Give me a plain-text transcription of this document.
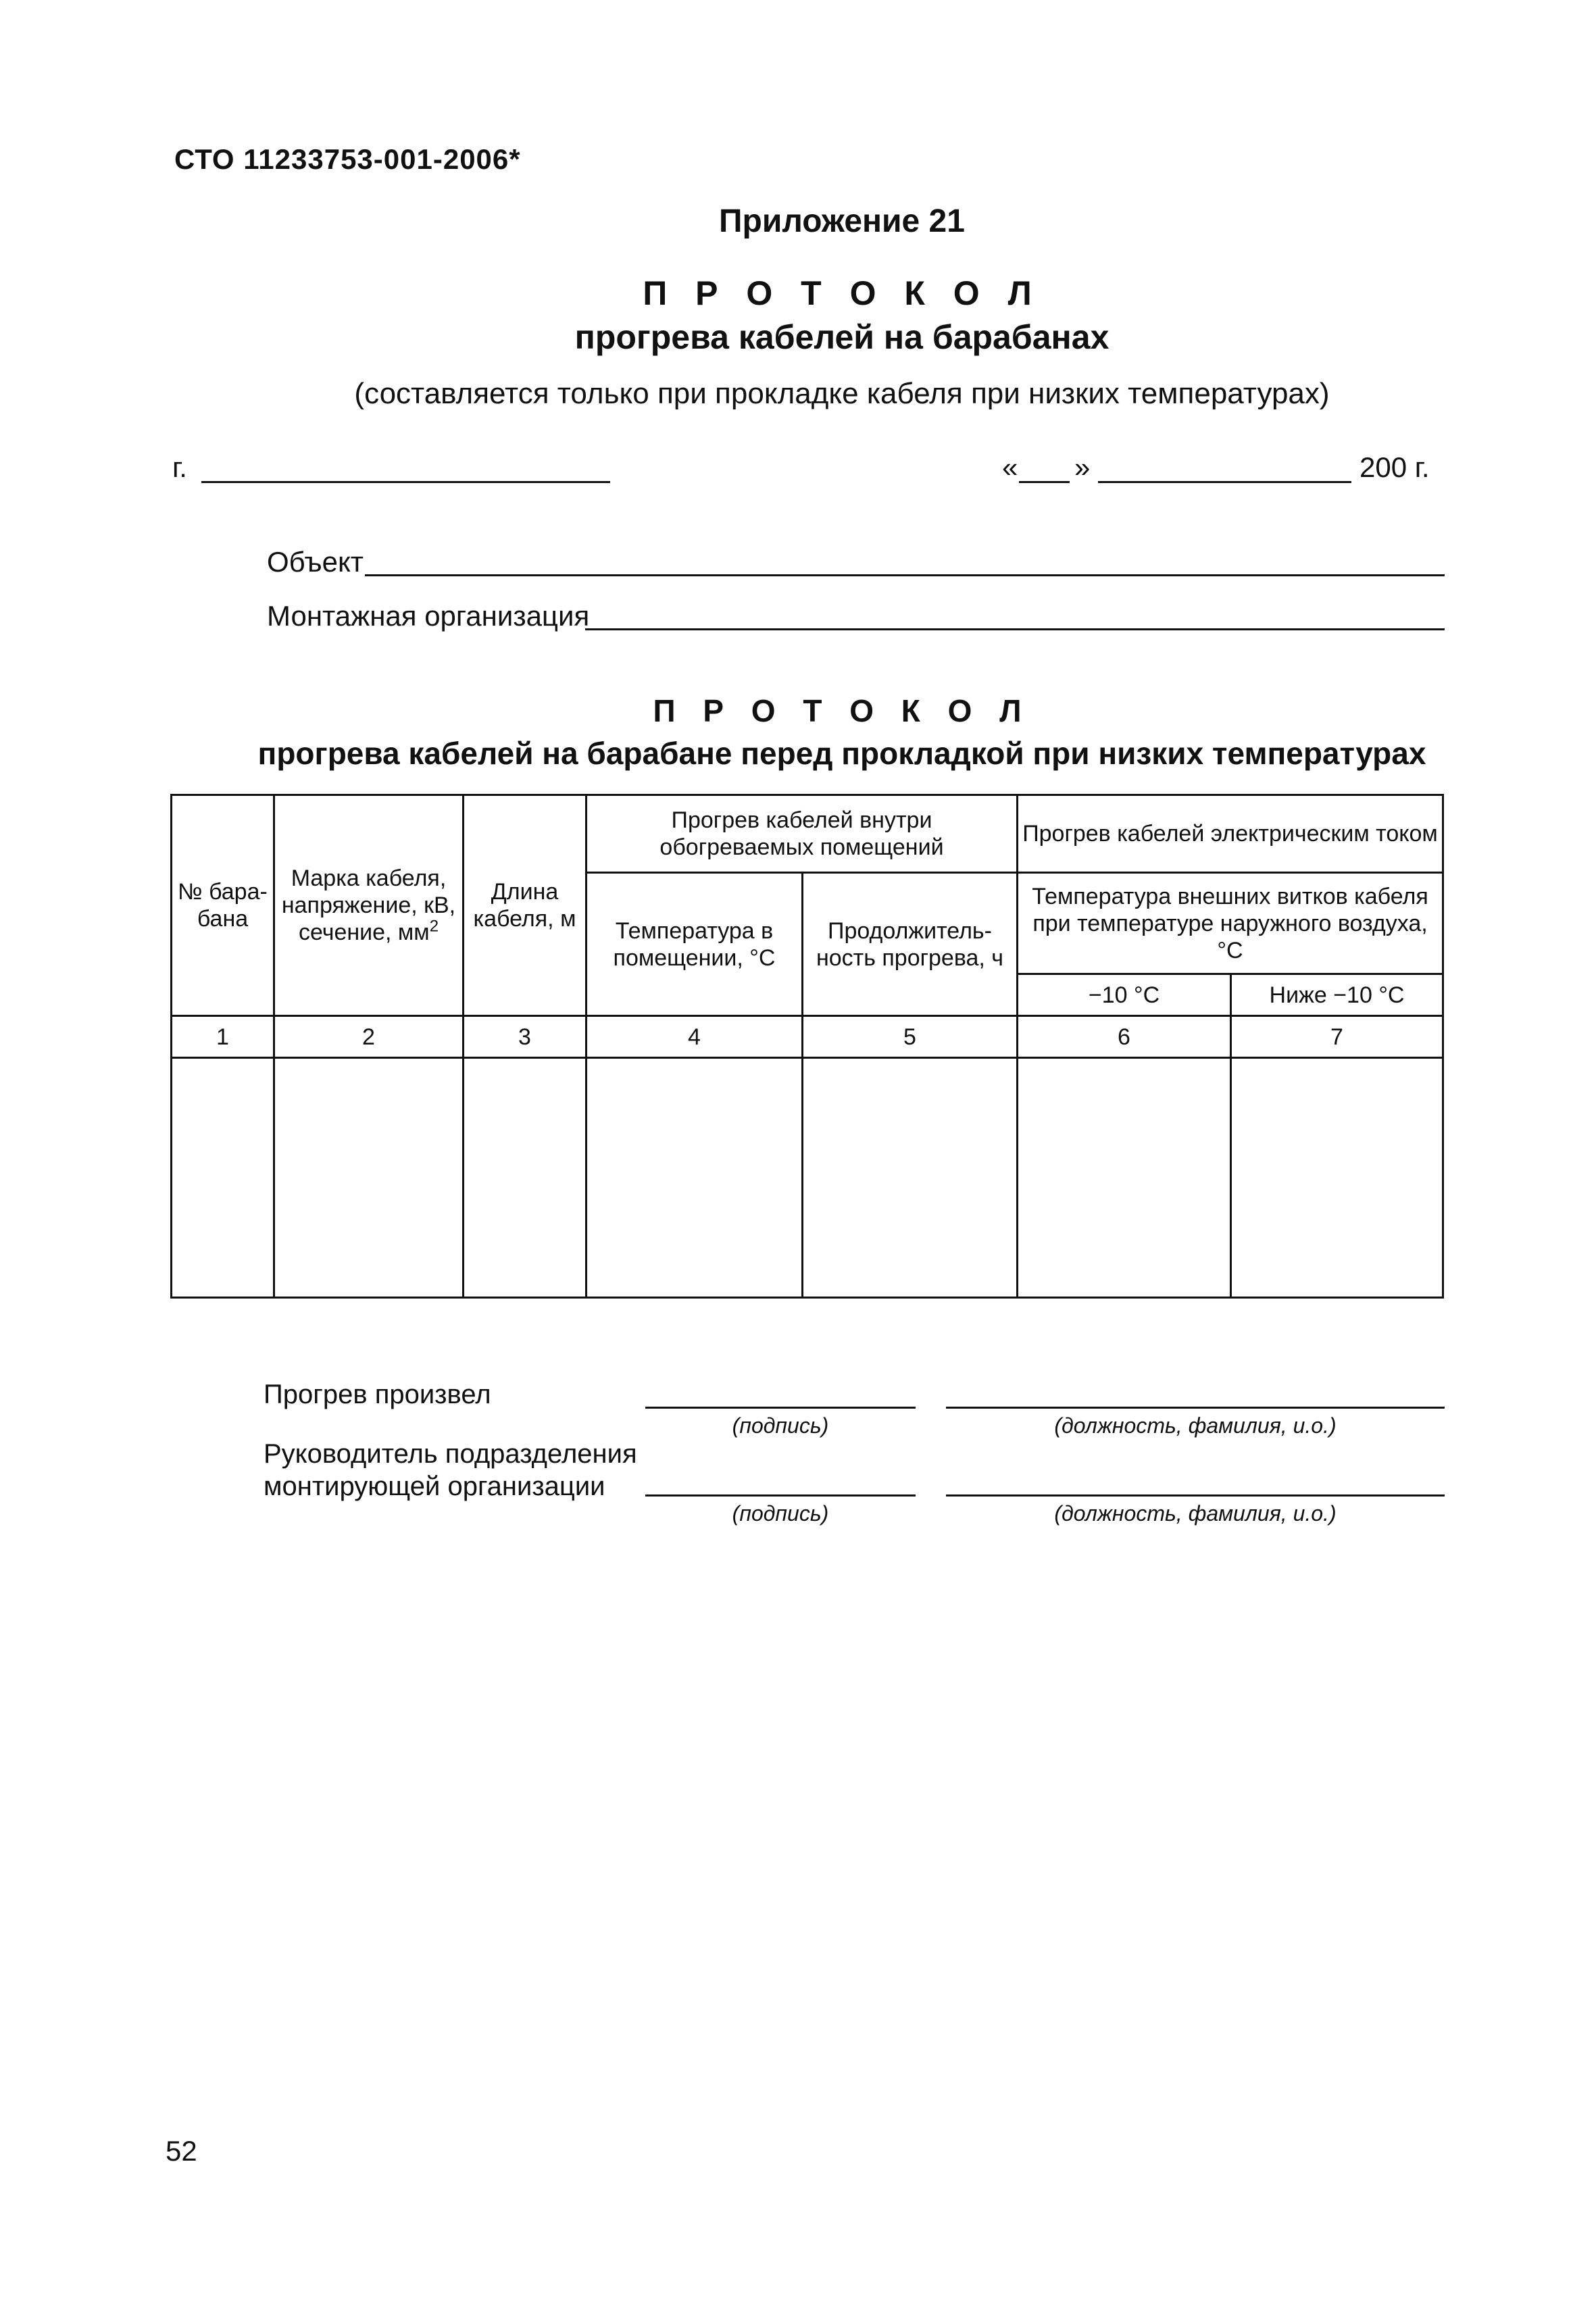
СТО 11233753-001-2006*
Приложение 21
П Р О Т О К О Л
прогрева кабелей на барабанах
(составляется только при прокладке кабеля при низких температурах)
г.	« »	200 г.
Объект
Монтажная организация
П Р О Т О К О Л
прогрева кабелей на барабане перед прокладкой при низких температурах
№ бара-бана	Марка кабеля, напряжение, кВ, сечение, $мм^2$	Длина кабеля, м	Прогрев кабелей внутри обогреваемых помещений		Прогрев кабелей электрическим током	
			Температура в помещении, °С	Продолжитель-ность прогрева, ч	Температура внешних витков кабеля при температуре наружного воздуха, °С	
					−10 °С	Ниже −10 °С
1	2	3	4	5	6	7

Прогрев произвел
(подпись)	(должность, фамилия, и.о.)
Руководитель подразделения
монтирующей организации
(подпись)	(должность, фамилия, и.о.)
52
